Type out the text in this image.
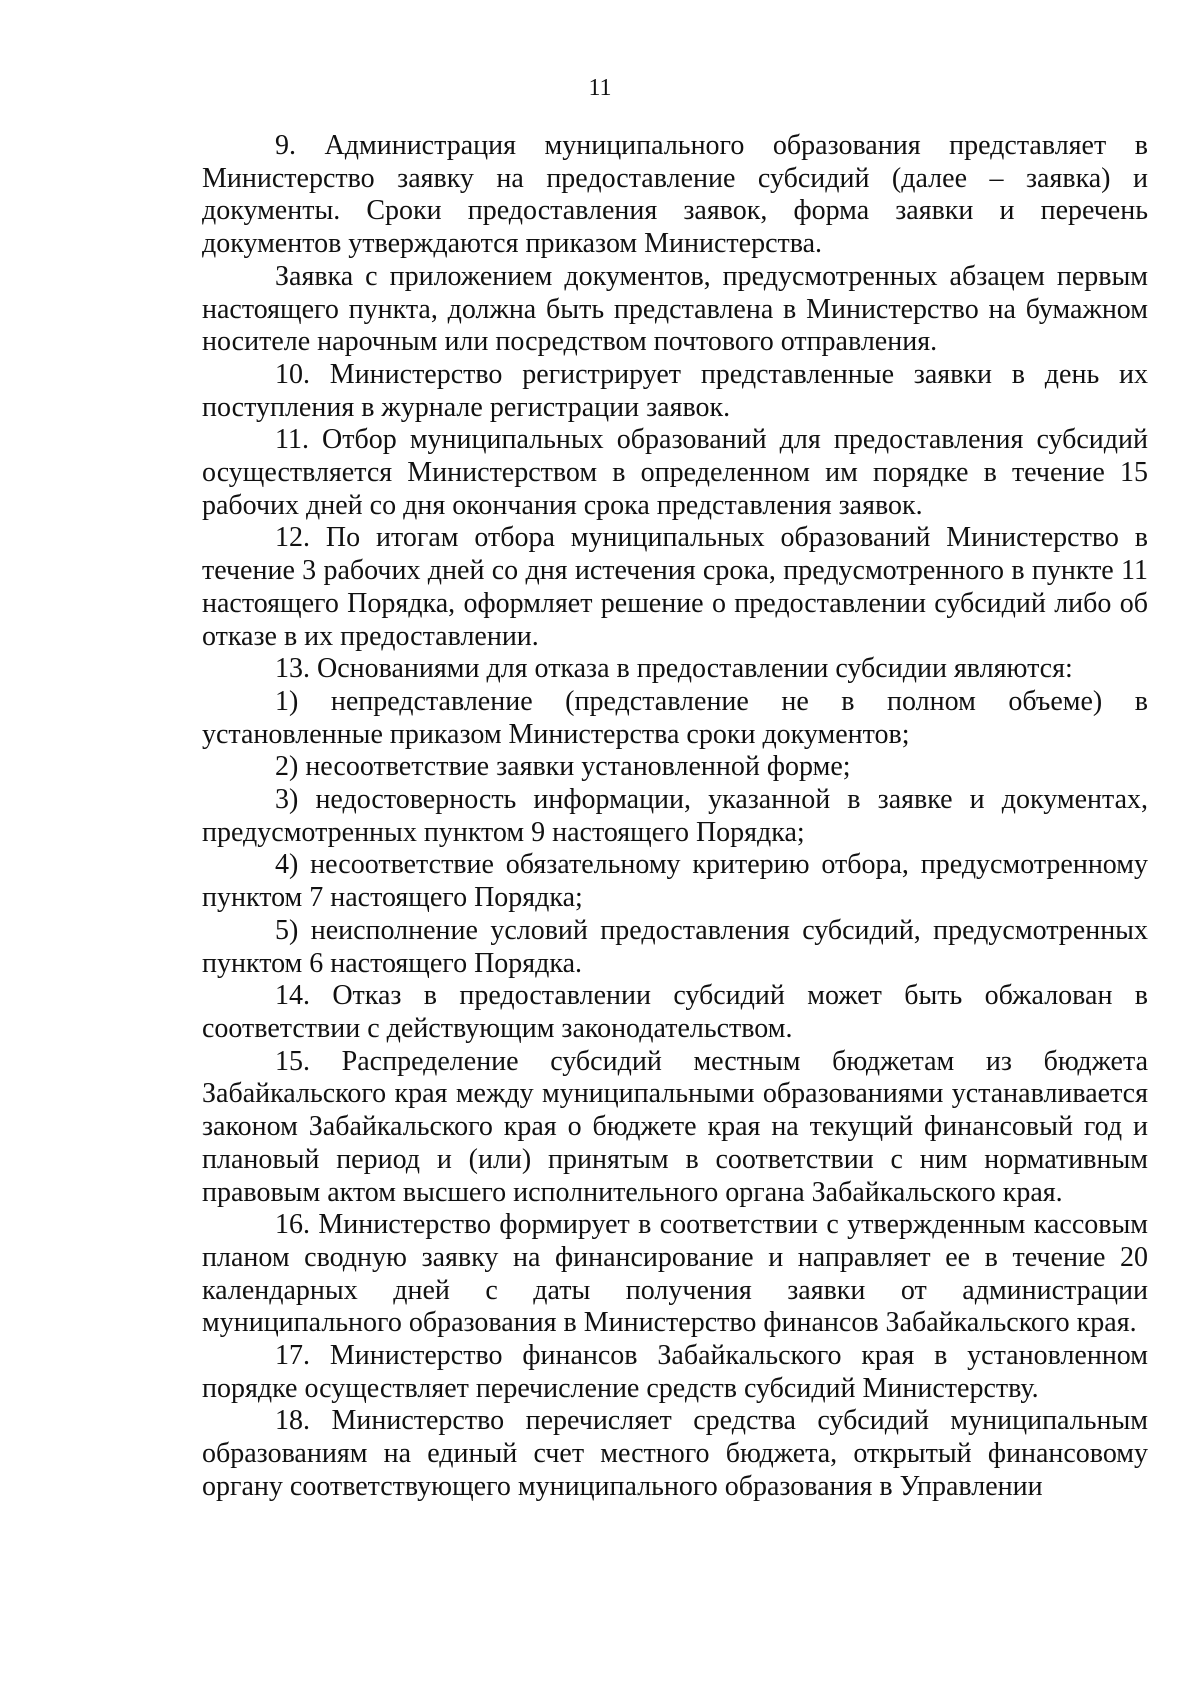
11

9. Администрация муниципального образования представляет в Министерство заявку на предоставление субсидий (далее – заявка) и документы. Сроки предоставления заявок, форма заявки и перечень документов утверждаются приказом Министерства.

Заявка с приложением документов, предусмотренных абзацем первым настоящего пункта, должна быть представлена в Министерство на бумажном носителе нарочным или посредством почтового отправления.

10. Министерство регистрирует представленные заявки в день их поступления в журнале регистрации заявок.

11. Отбор муниципальных образований для предоставления субсидий осуществляется Министерством в определенном им порядке в течение 15 рабочих дней со дня окончания срока представления заявок.

12. По итогам отбора муниципальных образований Министерство в течение 3 рабочих дней со дня истечения срока, предусмотренного в пункте 11 настоящего Порядка, оформляет решение о предоставлении субсидий либо об отказе в их предоставлении.

13. Основаниями для отказа в предоставлении субсидии являются:

1) непредставление (представление не в полном объеме) в установленные приказом Министерства сроки документов;

2) несоответствие заявки установленной форме;

3) недостоверность информации, указанной в заявке и документах, предусмотренных пунктом 9 настоящего Порядка;

4) несоответствие обязательному критерию отбора, предусмотренному пунктом 7 настоящего Порядка;

5) неисполнение условий предоставления субсидий, предусмотренных пунктом 6 настоящего Порядка.

14. Отказ в предоставлении субсидий может быть обжалован в соответствии с действующим законодательством.

15. Распределение субсидий местным бюджетам из бюджета Забайкальского края между муниципальными образованиями устанавливается законом Забайкальского края о бюджете края на текущий финансовый год и плановый период и (или) принятым в соответствии с ним нормативным правовым актом высшего исполнительного органа Забайкальского края.

16. Министерство формирует в соответствии с утвержденным кассовым планом сводную заявку на финансирование и направляет ее в течение 20 календарных дней с даты получения заявки от администрации муниципального образования в Министерство финансов Забайкальского края.

17. Министерство финансов Забайкальского края в установленном порядке осуществляет перечисление средств субсидий Министерству.

18. Министерство перечисляет средства субсидий муниципальным образованиям на единый счет местного бюджета, открытый финансовому органу соответствующего муниципального образования в Управлении
